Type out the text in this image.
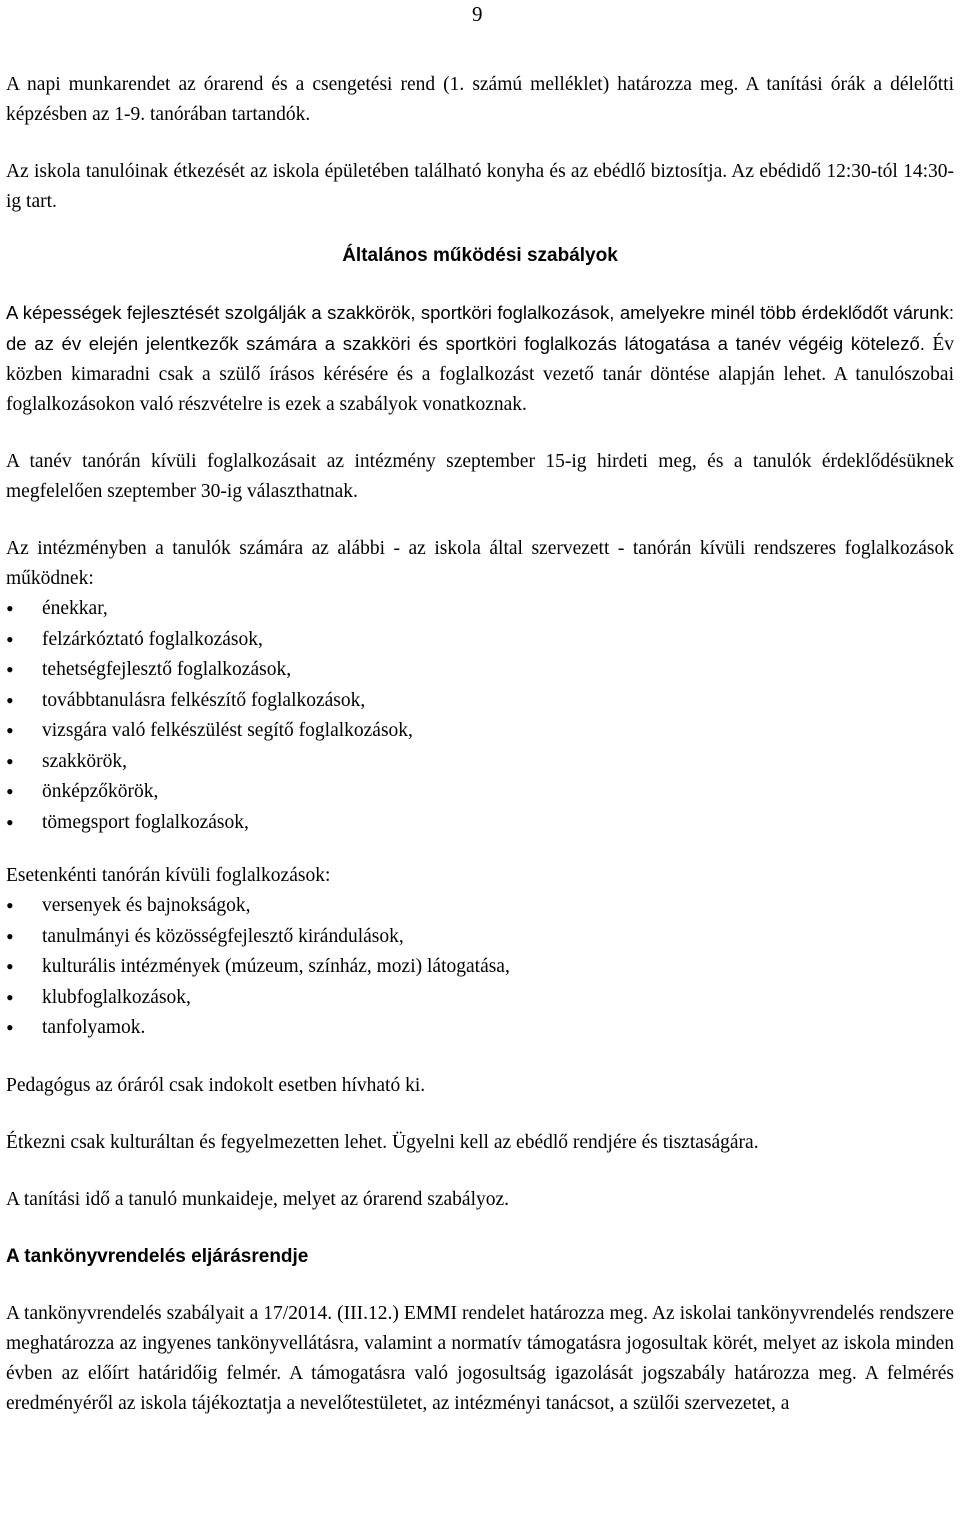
9

A napi munkarendet az órarend és a csengetési rend (1. számú melléklet) határozza meg. A tanítási órák a délelőtti képzésben az 1-9. tanórában tartandók.

Az iskola tanulóinak étkezését az iskola épületében található konyha és az ebédlő biztosítja. Az ebédidő 12:30-tól 14:30-ig tart.

Általános működési szabályok

A képességek fejlesztését szolgálják a szakkörök, sportköri foglalkozások, amelyekre minél több érdeklődőt várunk: de az év elején jelentkezők számára a szakköri és sportköri foglalkozás látogatása a tanév végéig kötelező. Év közben kimaradni csak a szülő írásos kérésére és a foglalkozást vezető tanár döntése alapján lehet. A tanulószobai foglalkozásokon való részvételre is ezek a szabályok vonatkoznak.

A tanév tanórán kívüli foglalkozásait az intézmény szeptember 15-ig hirdeti meg, és a tanulók érdeklődésüknek megfelelően szeptember 30-ig választhatnak.

Az intézményben a tanulók számára az alábbi - az iskola által szervezett - tanórán kívüli rendszeres foglalkozások működnek:

• énekkar,
• felzárkóztató foglalkozások,
• tehetségfejlesztő foglalkozások,
• továbbtanulásra felkészítő foglalkozások,
• vizsgára való felkészülést segítő foglalkozások,
• szakkörök,
• önképzőkörök,
• tömegsport foglalkozások,

Esetenkénti tanórán kívüli foglalkozások:

• versenyek és bajnokságok,
• tanulmányi és közösségfejlesztő kirándulások,
• kulturális intézmények (múzeum, színház, mozi) látogatása,
• klubfoglalkozások,
• tanfolyamok.

Pedagógus az óráról csak indokolt esetben hívható ki.

Étkezni csak kulturáltan és fegyelmezetten lehet. Ügyelni kell az ebédlő rendjére és tisztaságára.

A tanítási idő a tanuló munkaideje, melyet az órarend szabályoz.

A tankönyvrendelés eljárásrendje

A tankönyvrendelés szabályait a 17/2014. (III.12.) EMMI rendelet határozza meg. Az iskolai tankönyvrendelés rendszere meghatározza az ingyenes tankönyvellátásra, valamint a normatív támogatásra jogosultak körét, melyet az iskola minden évben az előírt határidőig felmér. A támogatásra való jogosultság igazolását jogszabály határozza meg. A felmérés eredményéről az iskola tájékoztatja a nevelőtestületet, az intézményi tanácsot, a szülői szervezetet, a
